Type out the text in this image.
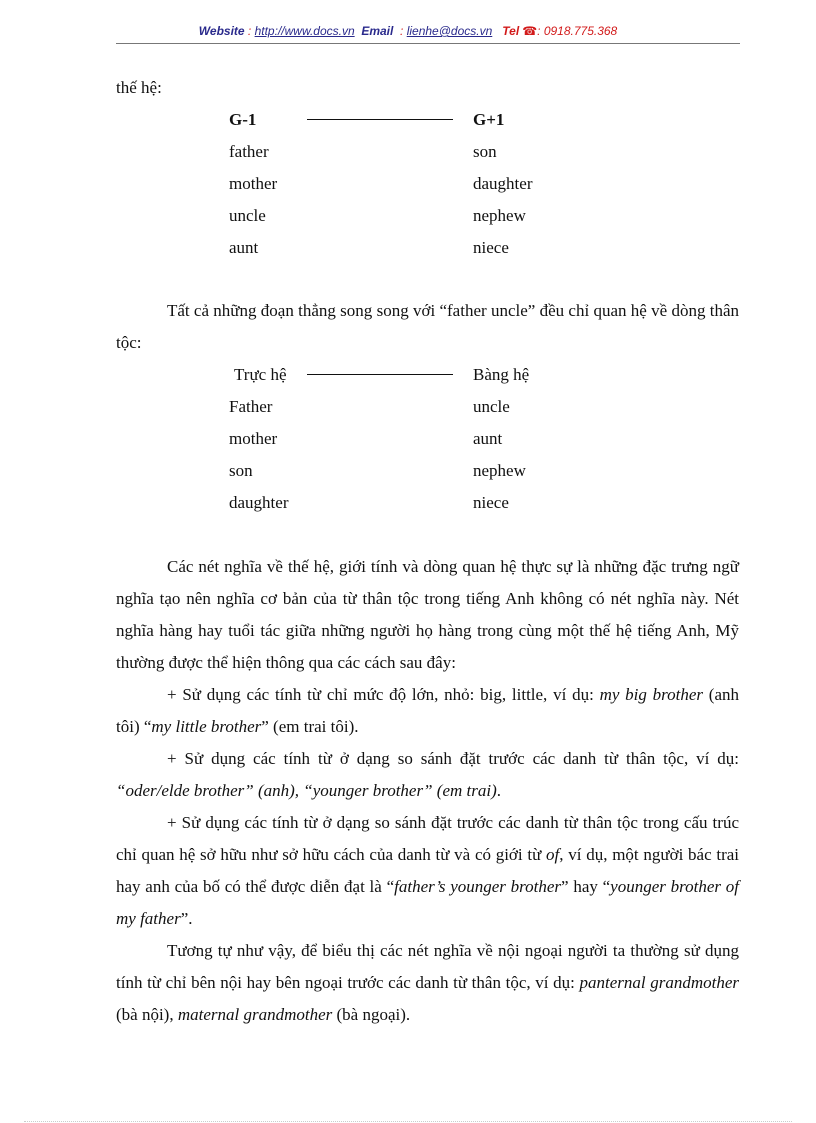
Website : http://www.docs.vn Email  : lienhe@docs.vn Tel ☎: 0918.775.368

thế hệ:

G-1	G+1
father	son
mother	daughter
uncle	nephew
aunt	niece

Tất cả những đoạn thẳng song song với “father uncle” đều chỉ quan hệ về dòng thân tộc:

Trực hệ	Bàng hệ
Father	uncle
mother	aunt
son	nephew
daughter	niece

Các nét nghĩa về thế hệ, giới tính và dòng quan hệ thực sự là những đặc trưng ngữ nghĩa tạo nên nghĩa cơ bản của từ thân tộc trong tiếng Anh không có nét nghĩa này. Nét nghĩa hàng hay tuổi tác giữa những người họ hàng trong cùng một thế hệ tiếng Anh, Mỹ thường được thể hiện thông qua các cách sau đây:

+ Sử dụng các tính từ chỉ mức độ lớn, nhỏ: big, little, ví dụ: my big brother (anh tôi) “my little brother” (em trai tôi).

+ Sử dụng các tính từ ở dạng so sánh đặt trước các danh từ thân tộc, ví dụ: “oder/elde brother” (anh), “younger brother” (em trai).

+ Sử dụng các tính từ ở dạng so sánh đặt trước các danh từ thân tộc trong cấu trúc chỉ quan hệ sở hữu như sở hữu cách của danh từ và có giới từ of, ví dụ, một người bác trai hay anh của bố có thể được diễn đạt là “father’s younger brother” hay “younger brother of my father”.

Tương tự như vậy, để biểu thị các nét nghĩa về nội ngoại người ta thường sử dụng tính từ chỉ bên nội hay bên ngoại trước các danh từ thân tộc, ví dụ: panternal grandmother (bà nội), maternal grandmother (bà ngoại).
